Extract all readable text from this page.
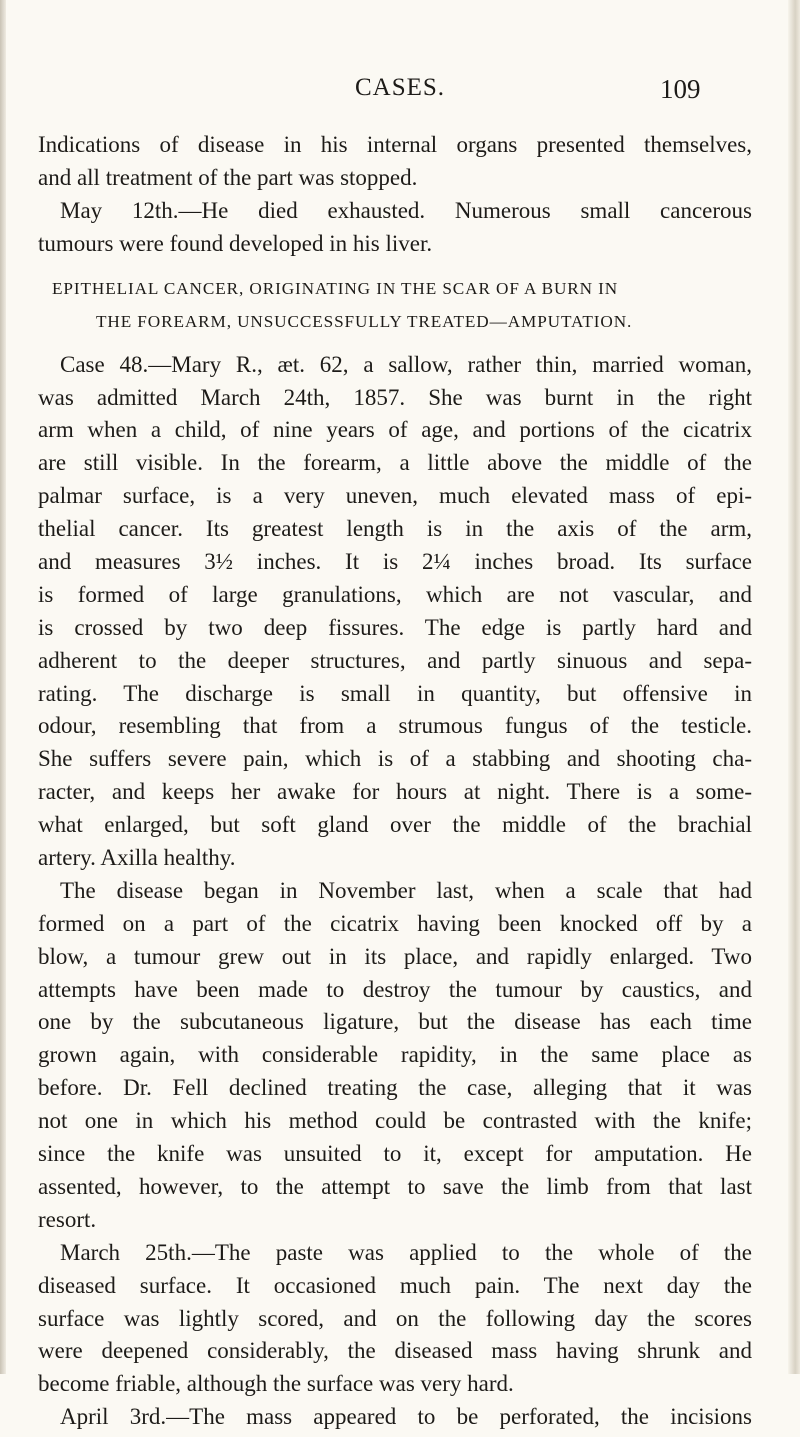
CASES.	109
Indications of disease in his internal organs presented themselves,
and all treatment of the part was stopped.
May 12th.—He died exhausted. Numerous small cancerous
tumours were found developed in his liver.
EPITHELIAL CANCER, ORIGINATING IN THE SCAR OF A BURN IN
THE FOREARM, UNSUCCESSFULLY TREATED—AMPUTATION.
Case 48.—Mary R., æt. 62, a sallow, rather thin, married woman,
was admitted March 24th, 1857. She was burnt in the right
arm when a child, of nine years of age, and portions of the cicatrix
are still visible. In the forearm, a little above the middle of the
palmar surface, is a very uneven, much elevated mass of epi-
thelial cancer. Its greatest length is in the axis of the arm,
and measures 3½ inches. It is 2¼ inches broad. Its surface
is formed of large granulations, which are not vascular, and
is crossed by two deep fissures. The edge is partly hard and
adherent to the deeper structures, and partly sinuous and sepa-
rating. The discharge is small in quantity, but offensive in
odour, resembling that from a strumous fungus of the testicle.
She suffers severe pain, which is of a stabbing and shooting cha-
racter, and keeps her awake for hours at night. There is a some-
what enlarged, but soft gland over the middle of the brachial
artery. Axilla healthy.
The disease began in November last, when a scale that had
formed on a part of the cicatrix having been knocked off by a
blow, a tumour grew out in its place, and rapidly enlarged. Two
attempts have been made to destroy the tumour by caustics, and
one by the subcutaneous ligature, but the disease has each time
grown again, with considerable rapidity, in the same place as
before. Dr. Fell declined treating the case, alleging that it was
not one in which his method could be contrasted with the knife;
since the knife was unsuited to it, except for amputation. He
assented, however, to the attempt to save the limb from that last
resort.
March 25th.—The paste was applied to the whole of the
diseased surface. It occasioned much pain. The next day the
surface was lightly scored, and on the following day the scores
were deepened considerably, the diseased mass having shrunk and
become friable, although the surface was very hard.
April 3rd.—The mass appeared to be perforated, the incisions
